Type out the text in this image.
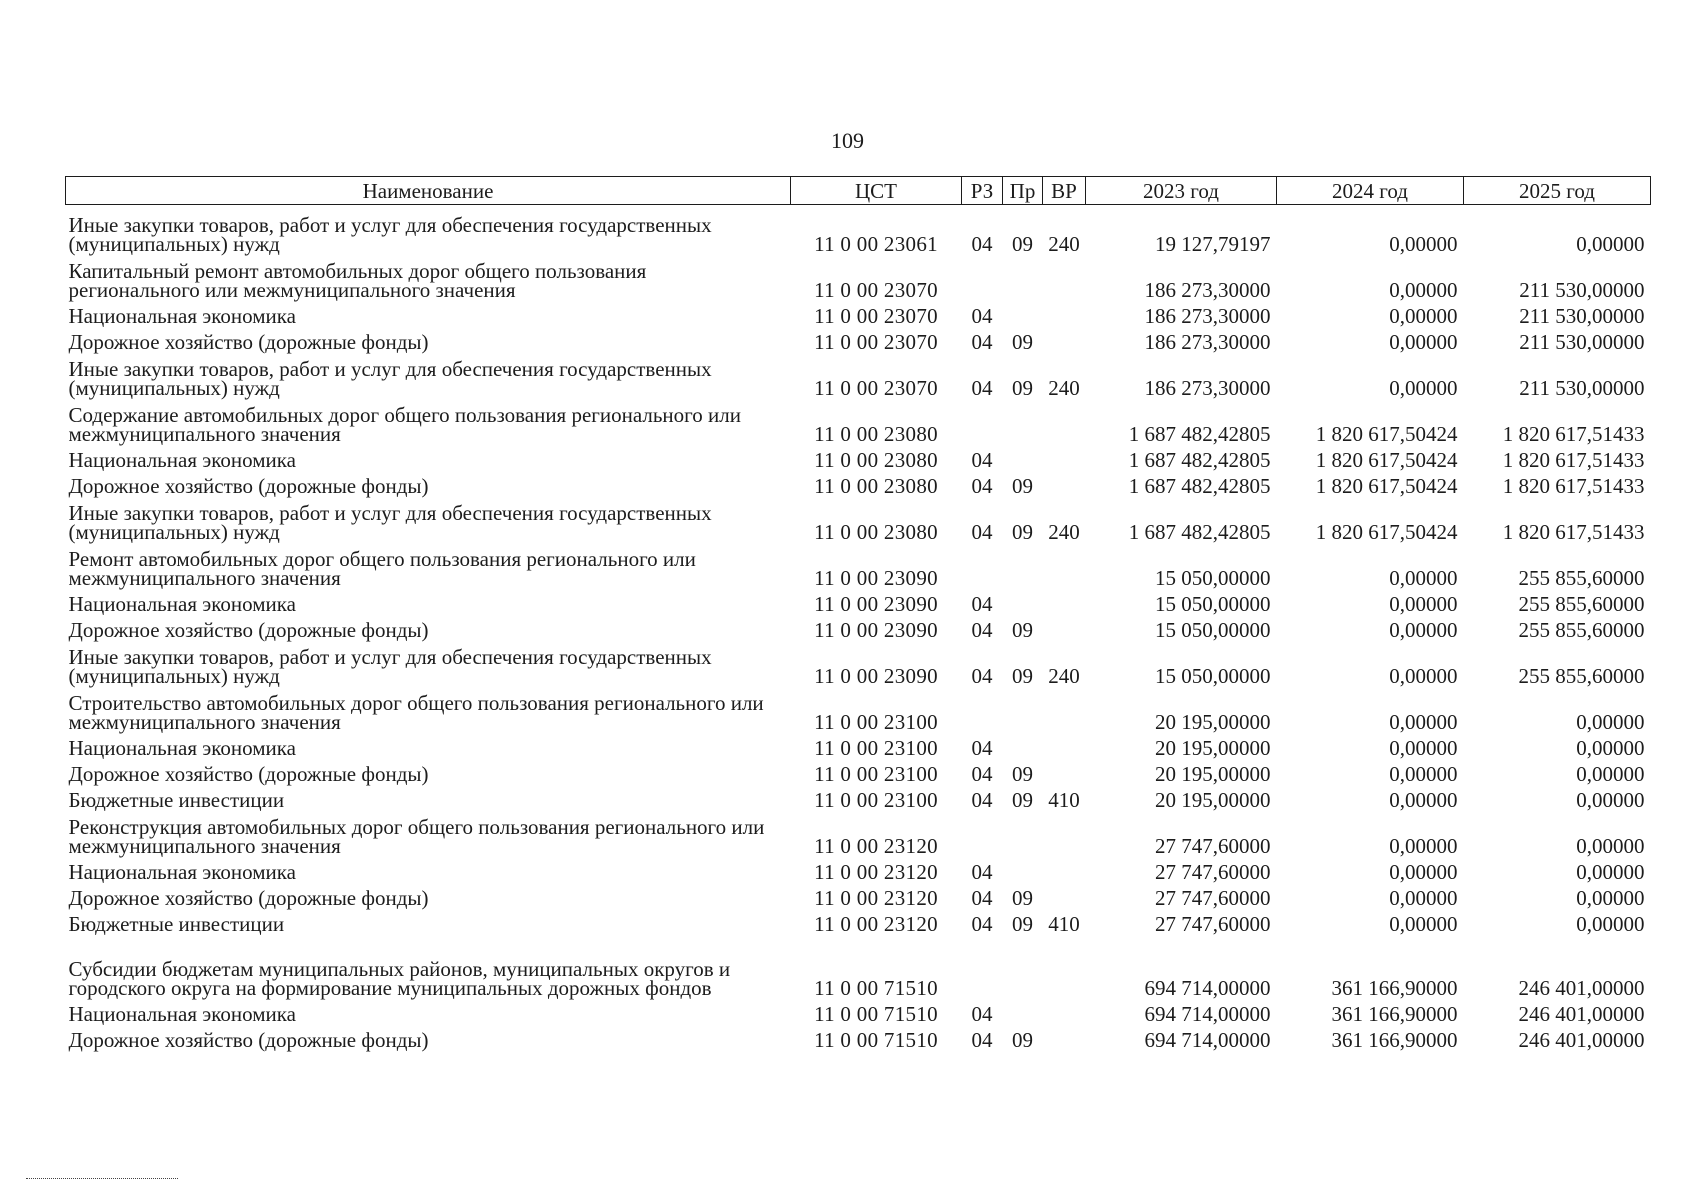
109
Наименование	ЦСТ	РЗ	Пр	ВР	2023 год	2024 год	2025 год
Иные закупки товаров, работ и услуг для обеспечения государственных (муниципальных) нужд	11 0 00 23061	04	09	240	19 127,79197	0,00000	0,00000
Капитальный ремонт автомобильных дорог общего пользования регионального или межмуниципального значения	11 0 00 23070				186 273,30000	0,00000	211 530,00000
Национальная экономика	11 0 00 23070	04			186 273,30000	0,00000	211 530,00000
Дорожное хозяйство (дорожные фонды)	11 0 00 23070	04	09		186 273,30000	0,00000	211 530,00000
Иные закупки товаров, работ и услуг для обеспечения государственных (муниципальных) нужд	11 0 00 23070	04	09	240	186 273,30000	0,00000	211 530,00000
Содержание автомобильных дорог общего пользования регионального или межмуниципального значения	11 0 00 23080				1 687 482,42805	1 820 617,50424	1 820 617,51433
Национальная экономика	11 0 00 23080	04			1 687 482,42805	1 820 617,50424	1 820 617,51433
Дорожное хозяйство (дорожные фонды)	11 0 00 23080	04	09		1 687 482,42805	1 820 617,50424	1 820 617,51433
Иные закупки товаров, работ и услуг для обеспечения государственных (муниципальных) нужд	11 0 00 23080	04	09	240	1 687 482,42805	1 820 617,50424	1 820 617,51433
Ремонт автомобильных дорог общего пользования регионального или межмуниципального значения	11 0 00 23090				15 050,00000	0,00000	255 855,60000
Национальная экономика	11 0 00 23090	04			15 050,00000	0,00000	255 855,60000
Дорожное хозяйство (дорожные фонды)	11 0 00 23090	04	09		15 050,00000	0,00000	255 855,60000
Иные закупки товаров, работ и услуг для обеспечения государственных (муниципальных) нужд	11 0 00 23090	04	09	240	15 050,00000	0,00000	255 855,60000
Строительство автомобильных дорог общего пользования регионального или межмуниципального значения	11 0 00 23100				20 195,00000	0,00000	0,00000
Национальная экономика	11 0 00 23100	04			20 195,00000	0,00000	0,00000
Дорожное хозяйство (дорожные фонды)	11 0 00 23100	04	09		20 195,00000	0,00000	0,00000
Бюджетные инвестиции	11 0 00 23100	04	09	410	20 195,00000	0,00000	0,00000
Реконструкция автомобильных дорог общего пользования регионального или межмуниципального значения	11 0 00 23120				27 747,60000	0,00000	0,00000
Национальная экономика	11 0 00 23120	04			27 747,60000	0,00000	0,00000
Дорожное хозяйство (дорожные фонды)	11 0 00 23120	04	09		27 747,60000	0,00000	0,00000
Бюджетные инвестиции	11 0 00 23120	04	09	410	27 747,60000	0,00000	0,00000
Субсидии бюджетам муниципальных районов, муниципальных округов и городского округа на формирование муниципальных дорожных фондов	11 0 00 71510				694 714,00000	361 166,90000	246 401,00000
Национальная экономика	11 0 00 71510	04			694 714,00000	361 166,90000	246 401,00000
Дорожное хозяйство (дорожные фонды)	11 0 00 71510	04	09		694 714,00000	361 166,90000	246 401,00000
